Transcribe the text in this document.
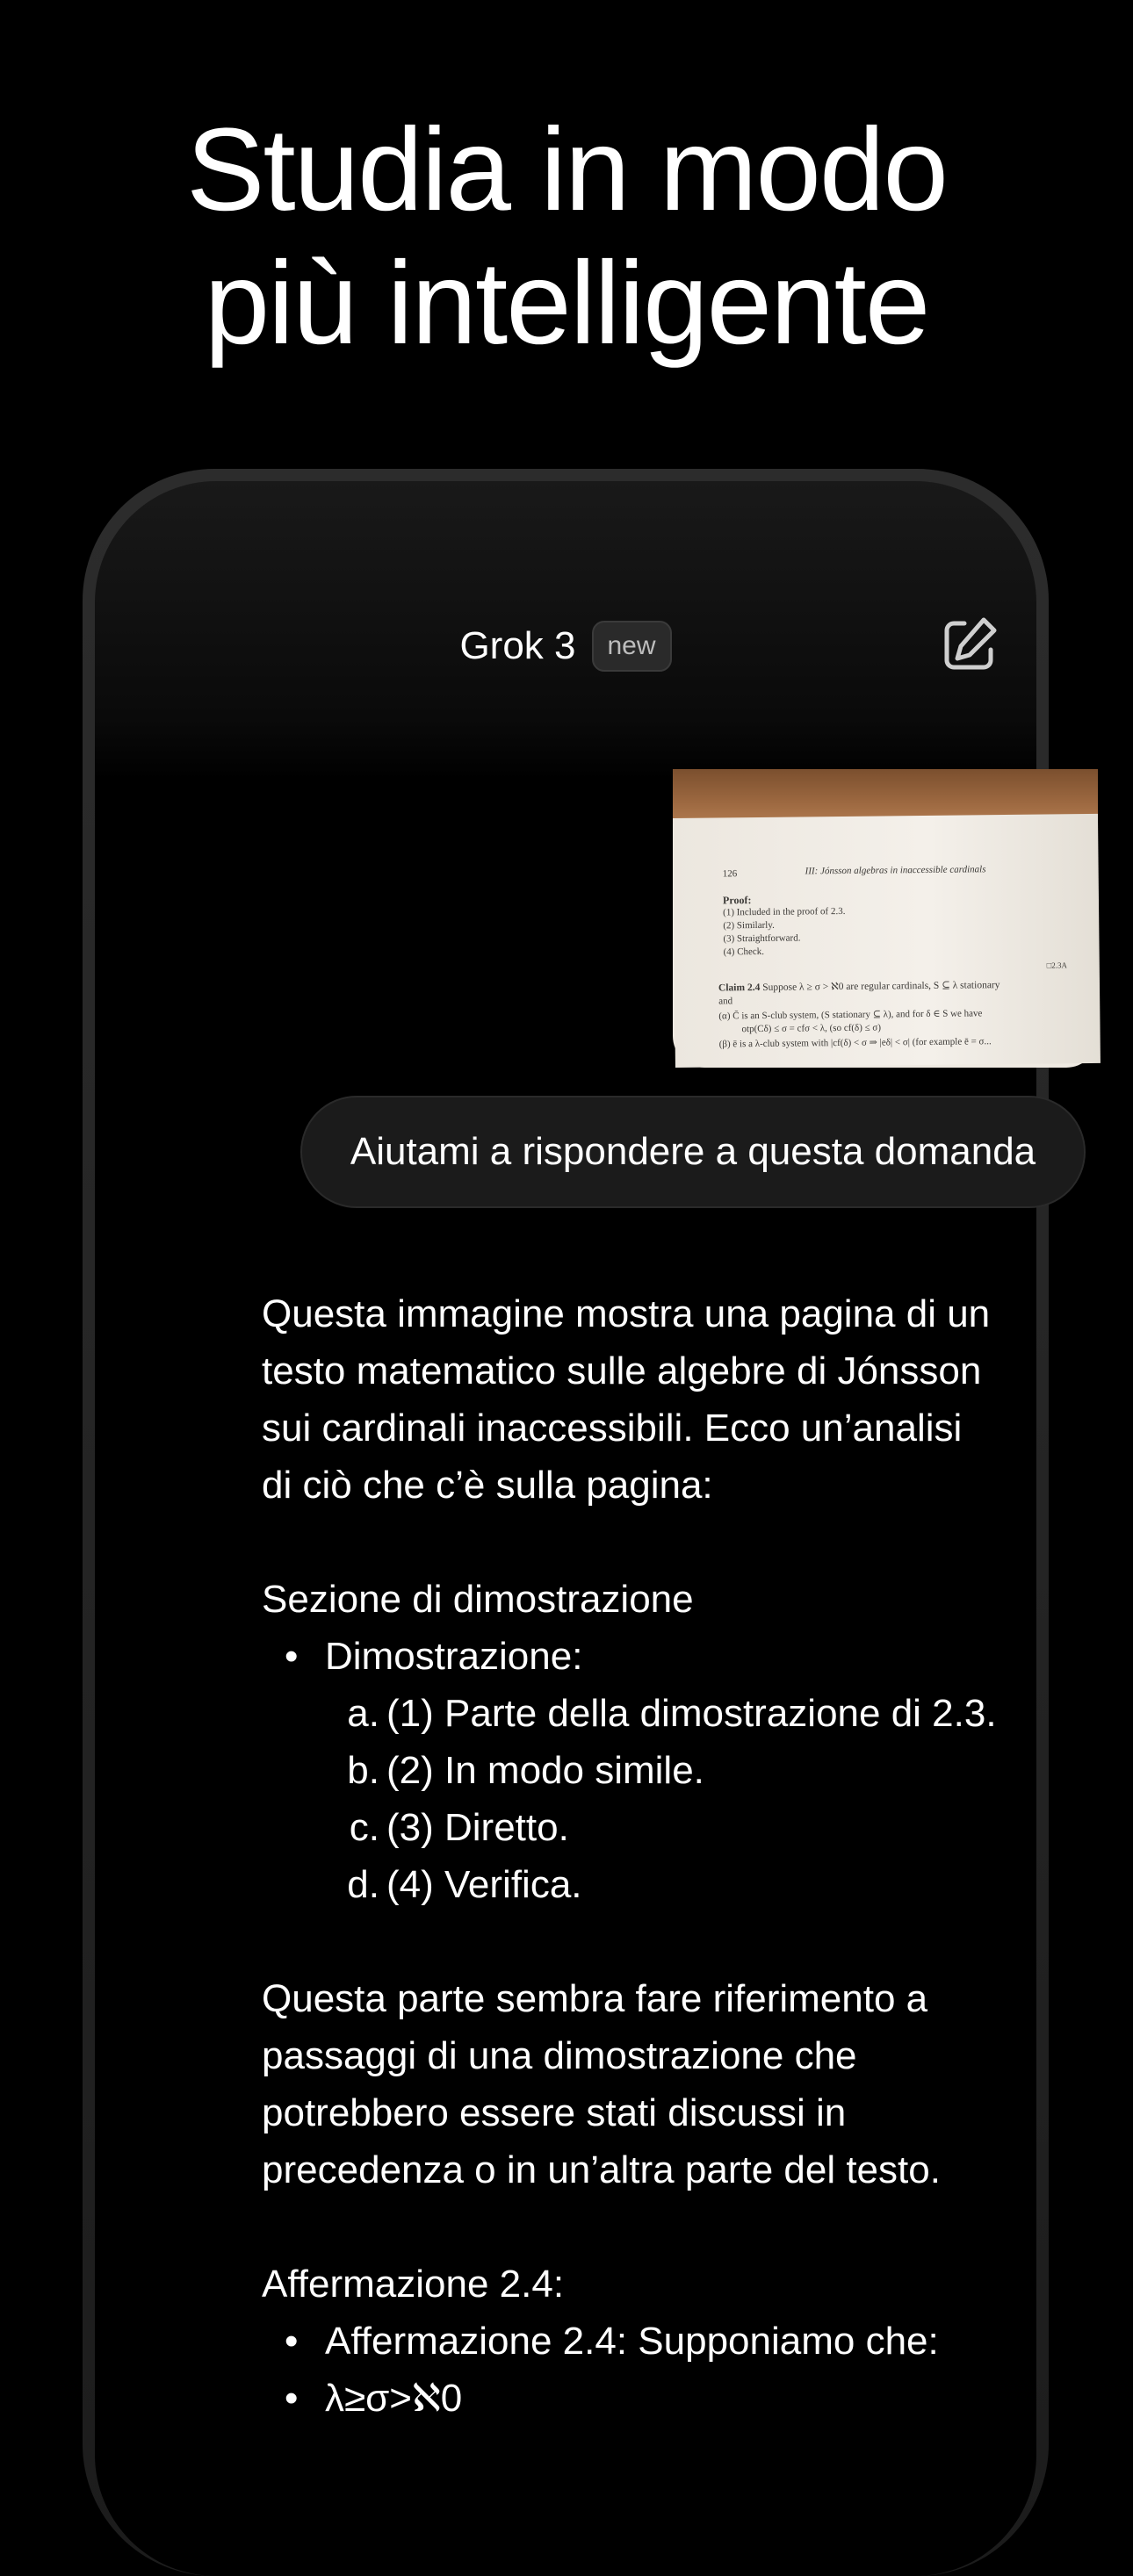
Studia in modo
più intelligente
Grok 3	new
126	III: Jónsson algebras in inaccessible cardinals
Proof:
(1) Included in the proof of 2.3.
(2) Similarly.
(3) Straightforward.
(4) Check.
□2.3A
Claim 2.4 Suppose λ ≥ σ > ℵ0 are regular cardinals, S ⊆ λ stationary
and
(α) C̄ is an S-club system, (S stationary ⊆ λ), and for δ ∈ S we have
otp(Cδ) ≤ σ = cfσ < λ, (so cf(δ) ≤ σ)
(β) ē is a λ-club system with |cf(δ) < σ ⇒ |eδ| < σ| (for example ē = σ...
Aiutami a rispondere a questa domanda

Questa immagine mostra una pagina di un

testo matematico sulle algebre di Jónsson

sui cardinali inaccessibili. Ecco un’analisi

di ciò che c’è sulla pagina:

Sezione di dimostrazione

• Dimostrazione:

a. (1) Parte della dimostrazione di 2.3.

b. (2) In modo simile.

c. (3) Diretto.

d. (4) Verifica.

Questa parte sembra fare riferimento a

passaggi di una dimostrazione che

potrebbero essere stati discussi in

precedenza o in un’altra parte del testo.

Affermazione 2.4:

• Affermazione 2.4: Supponiamo che:

• λ≥σ>ℵ0
